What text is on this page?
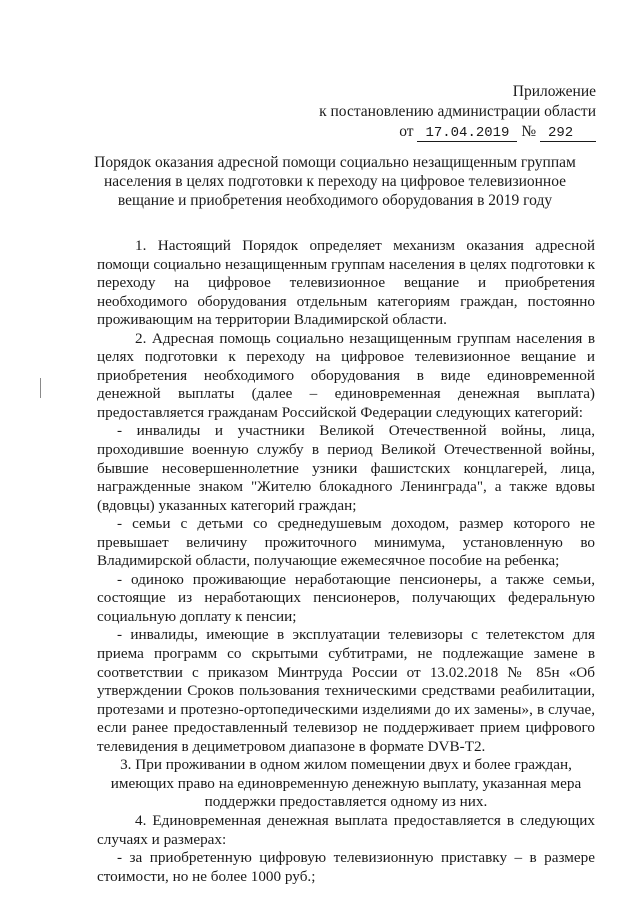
Приложение
к постановлению администрации области
от 17.04.2019 № 292
Порядок оказания адресной помощи социально незащищенным группам населения в целях подготовки к переходу на цифровое телевизионное вещание и приобретения необходимого оборудования в 2019 году

1. Настоящий Порядок определяет механизм оказания адресной помощи социально незащищенным группам населения в целях подготовки к переходу на цифровое телевизионное вещание и приобретения необходимого оборудования отдельным категориям граждан, постоянно проживающим на территории Владимирской области.

2. Адресная помощь социально незащищенным группам населения в целях подготовки к переходу на цифровое телевизионное вещание и приобретения необходимого оборудования в виде единовременной денежной выплаты (далее – единовременная денежная выплата) предоставляется гражданам Российской Федерации следующих категорий:

- инвалиды и участники Великой Отечественной войны, лица, проходившие военную службу в период Великой Отечественной войны, бывшие несовершеннолетние узники фашистских концлагерей, лица, награжденные знаком "Жителю блокадного Ленинграда", а также вдовы (вдовцы) указанных категорий граждан;

- семьи с детьми со среднедушевым доходом, размер которого не превышает величину прожиточного минимума, установленную во Владимирской области, получающие ежемесячное пособие на ребенка;

- одиноко проживающие неработающие пенсионеры, а также семьи, состоящие из неработающих пенсионеров, получающих федеральную социальную доплату к пенсии;

- инвалиды, имеющие в эксплуатации телевизоры с телетекстом для приема программ со скрытыми субтитрами, не подлежащие замене в соответствии с приказом Минтруда России от 13.02.2018 № 85н «Об утверждении Сроков пользования техническими средствами реабилитации, протезами и протезно-ортопедическими изделиями до их замены», в случае, если ранее предоставленный телевизор не поддерживает прием цифрового телевидения в дециметровом диапазоне в формате DVB-T2.

3. При проживании в одном жилом помещении двух и более граждан, имеющих право на единовременную денежную выплату, указанная мера поддержки предоставляется одному из них.

4. Единовременная денежная выплата предоставляется в следующих случаях и размерах:

- за приобретенную цифровую телевизионную приставку – в размере стоимости, но не более 1000 руб.;
